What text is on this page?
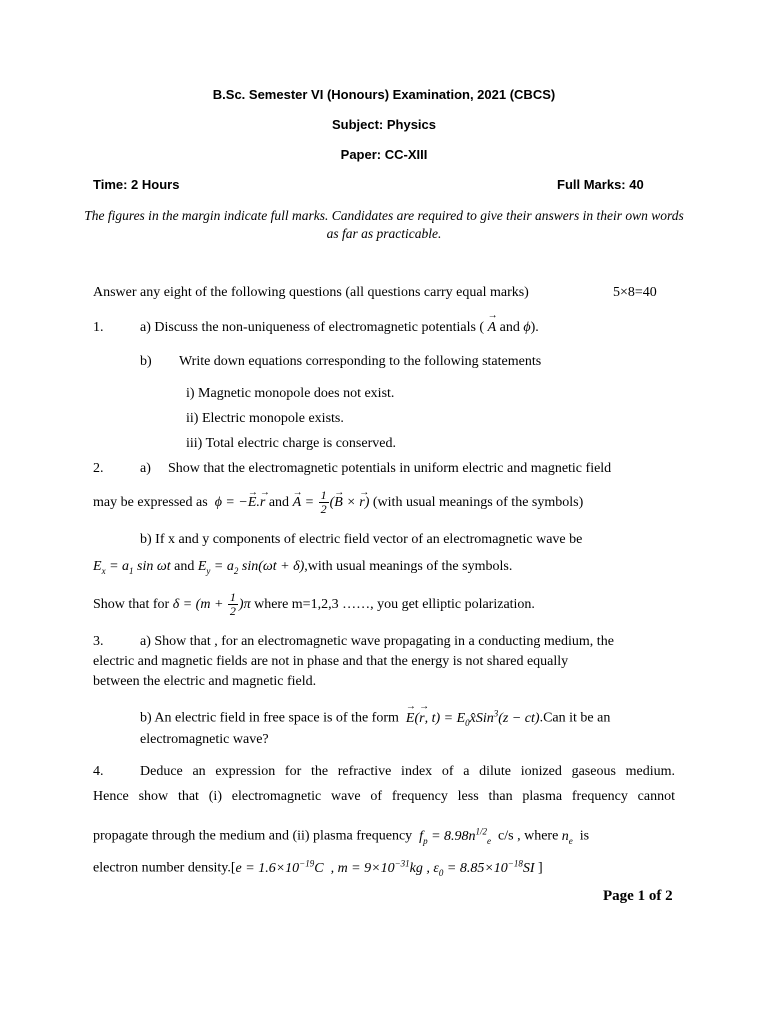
B.Sc. Semester VI (Honours) Examination, 2021 (CBCS)
Subject: Physics
Paper: CC-XIII
Time: 2 Hours	Full Marks: 40
The figures in the margin indicate full marks. Candidates are required to give their answers in their own words as far as practicable.
Answer any eight of the following questions (all questions carry equal marks)	5×8=40
1.	a) Discuss the non-uniqueness of electromagnetic potentials ( → A and ϕ).
b) Write down equations corresponding to the following statements
i) Magnetic monopole does not exist.
ii) Electric monopole exists.
iii) Total electric charge is conserved.
2.	a) Show that the electromagnetic potentials in uniform electric and magnetic field
may be expressed as  ϕ = −→ E.→ r and → $A = \frac{1}{2}$ (→ B × → r) (with usual meanings of the symbols)
b) If x and y components of electric field vector of an electromagnetic wave be
$E_x = a_1$ sin ωt and $E_y = a_2$ sin(ωt + δ),with usual meanings of the symbols.
Show that for $\delta = (m + \frac{1}{2} )\pi$ where m=1,2,3 ……, you get elliptic polarization.
3.	a) Show that , for an electromagnetic wave propagating in a conducting medium, the
electric and magnetic fields are not in phase and that the energy is not shared equally
between the electric and magnetic field.
b) An electric field in free space is of the form → E(→ r, $t) = E_0x̂Sin^3(z - ct).Can$ it be an
electromagnetic wave?
4.	Deduce an expression for the refractive index of a dilute ionized gaseous medium.
Hence show that (i) electromagnetic wave of frequency less than plasma frequency cannot
propagate through the medium and (ii) plasma frequency $f_p = 8.98n^{1/2}_e$ c/s , where $n_e$ is
electron number density.[e = $1.6\times 10^{-19}C$  , $m = 9\times 10^{-31}kg$ , $\varepsilon_0 = 8.85\times 10^{-18}SI$ ]
Page 1 of 2
